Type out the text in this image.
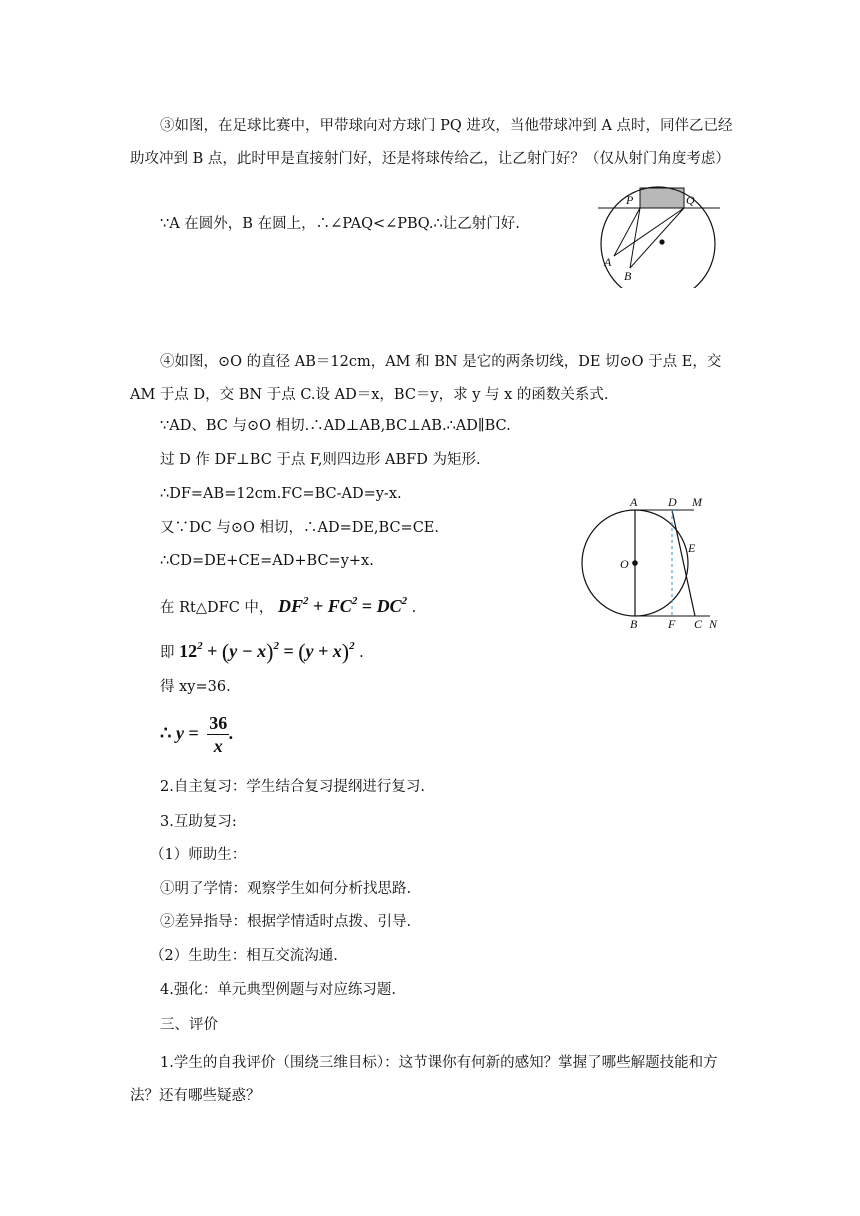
③如图，在足球比赛中，甲带球向对方球门 PQ 进攻，当他带球冲到 A 点时，同伴乙已经助攻冲到 B 点，此时甲是直接射门好，还是将球传给乙，让乙射门好？（仅从射门角度考虑）
∵A 在圆外，B 在圆上，∴∠PAQ<∠PBQ.∴让乙射门好.
P	Q
A
B
④如图，⊙O 的直径 AB＝12cm，AM 和 BN 是它的两条切线，DE 切⊙O 于点 E，交 AM 于点 D，交 BN 于点 C.设 AD＝x，BC＝y，求 y 与 x 的函数关系式.
∵AD、BC 与⊙O 相切.∴AD⊥AB,BC⊥AB.∴AD∥BC.
过 D 作 DF⊥BC 于点 F,则四边形 ABFD 为矩形.
∴DF=AB=12cm.FC=BC-AD=y-x.
又∵DC 与⊙O 相切，∴AD=DE,BC=CE.
∴CD=DE+CE=AD+BC=y+x.
在 Rt△DFC 中， $DF^2 + FC^2 = DC^2$ .
即 $12^2 + (y - x)^2 = (y + x)^2$ .
得 xy=36.
∴ $y = \frac{36}{x}$ .
A	D M
E
O
B	F C N
2.自主复习：学生结合复习提纲进行复习.
3.互助复习:
（1）师助生：
①明了学情：观察学生如何分析找思路.
②差异指导：根据学情适时点拨、引导.
（2）生助生：相互交流沟通.
4.强化：单元典型例题与对应练习题.
三、评价
1.学生的自我评价（围绕三维目标）：这节课你有何新的感知？掌握了哪些解题技能和方法？还有哪些疑惑？
